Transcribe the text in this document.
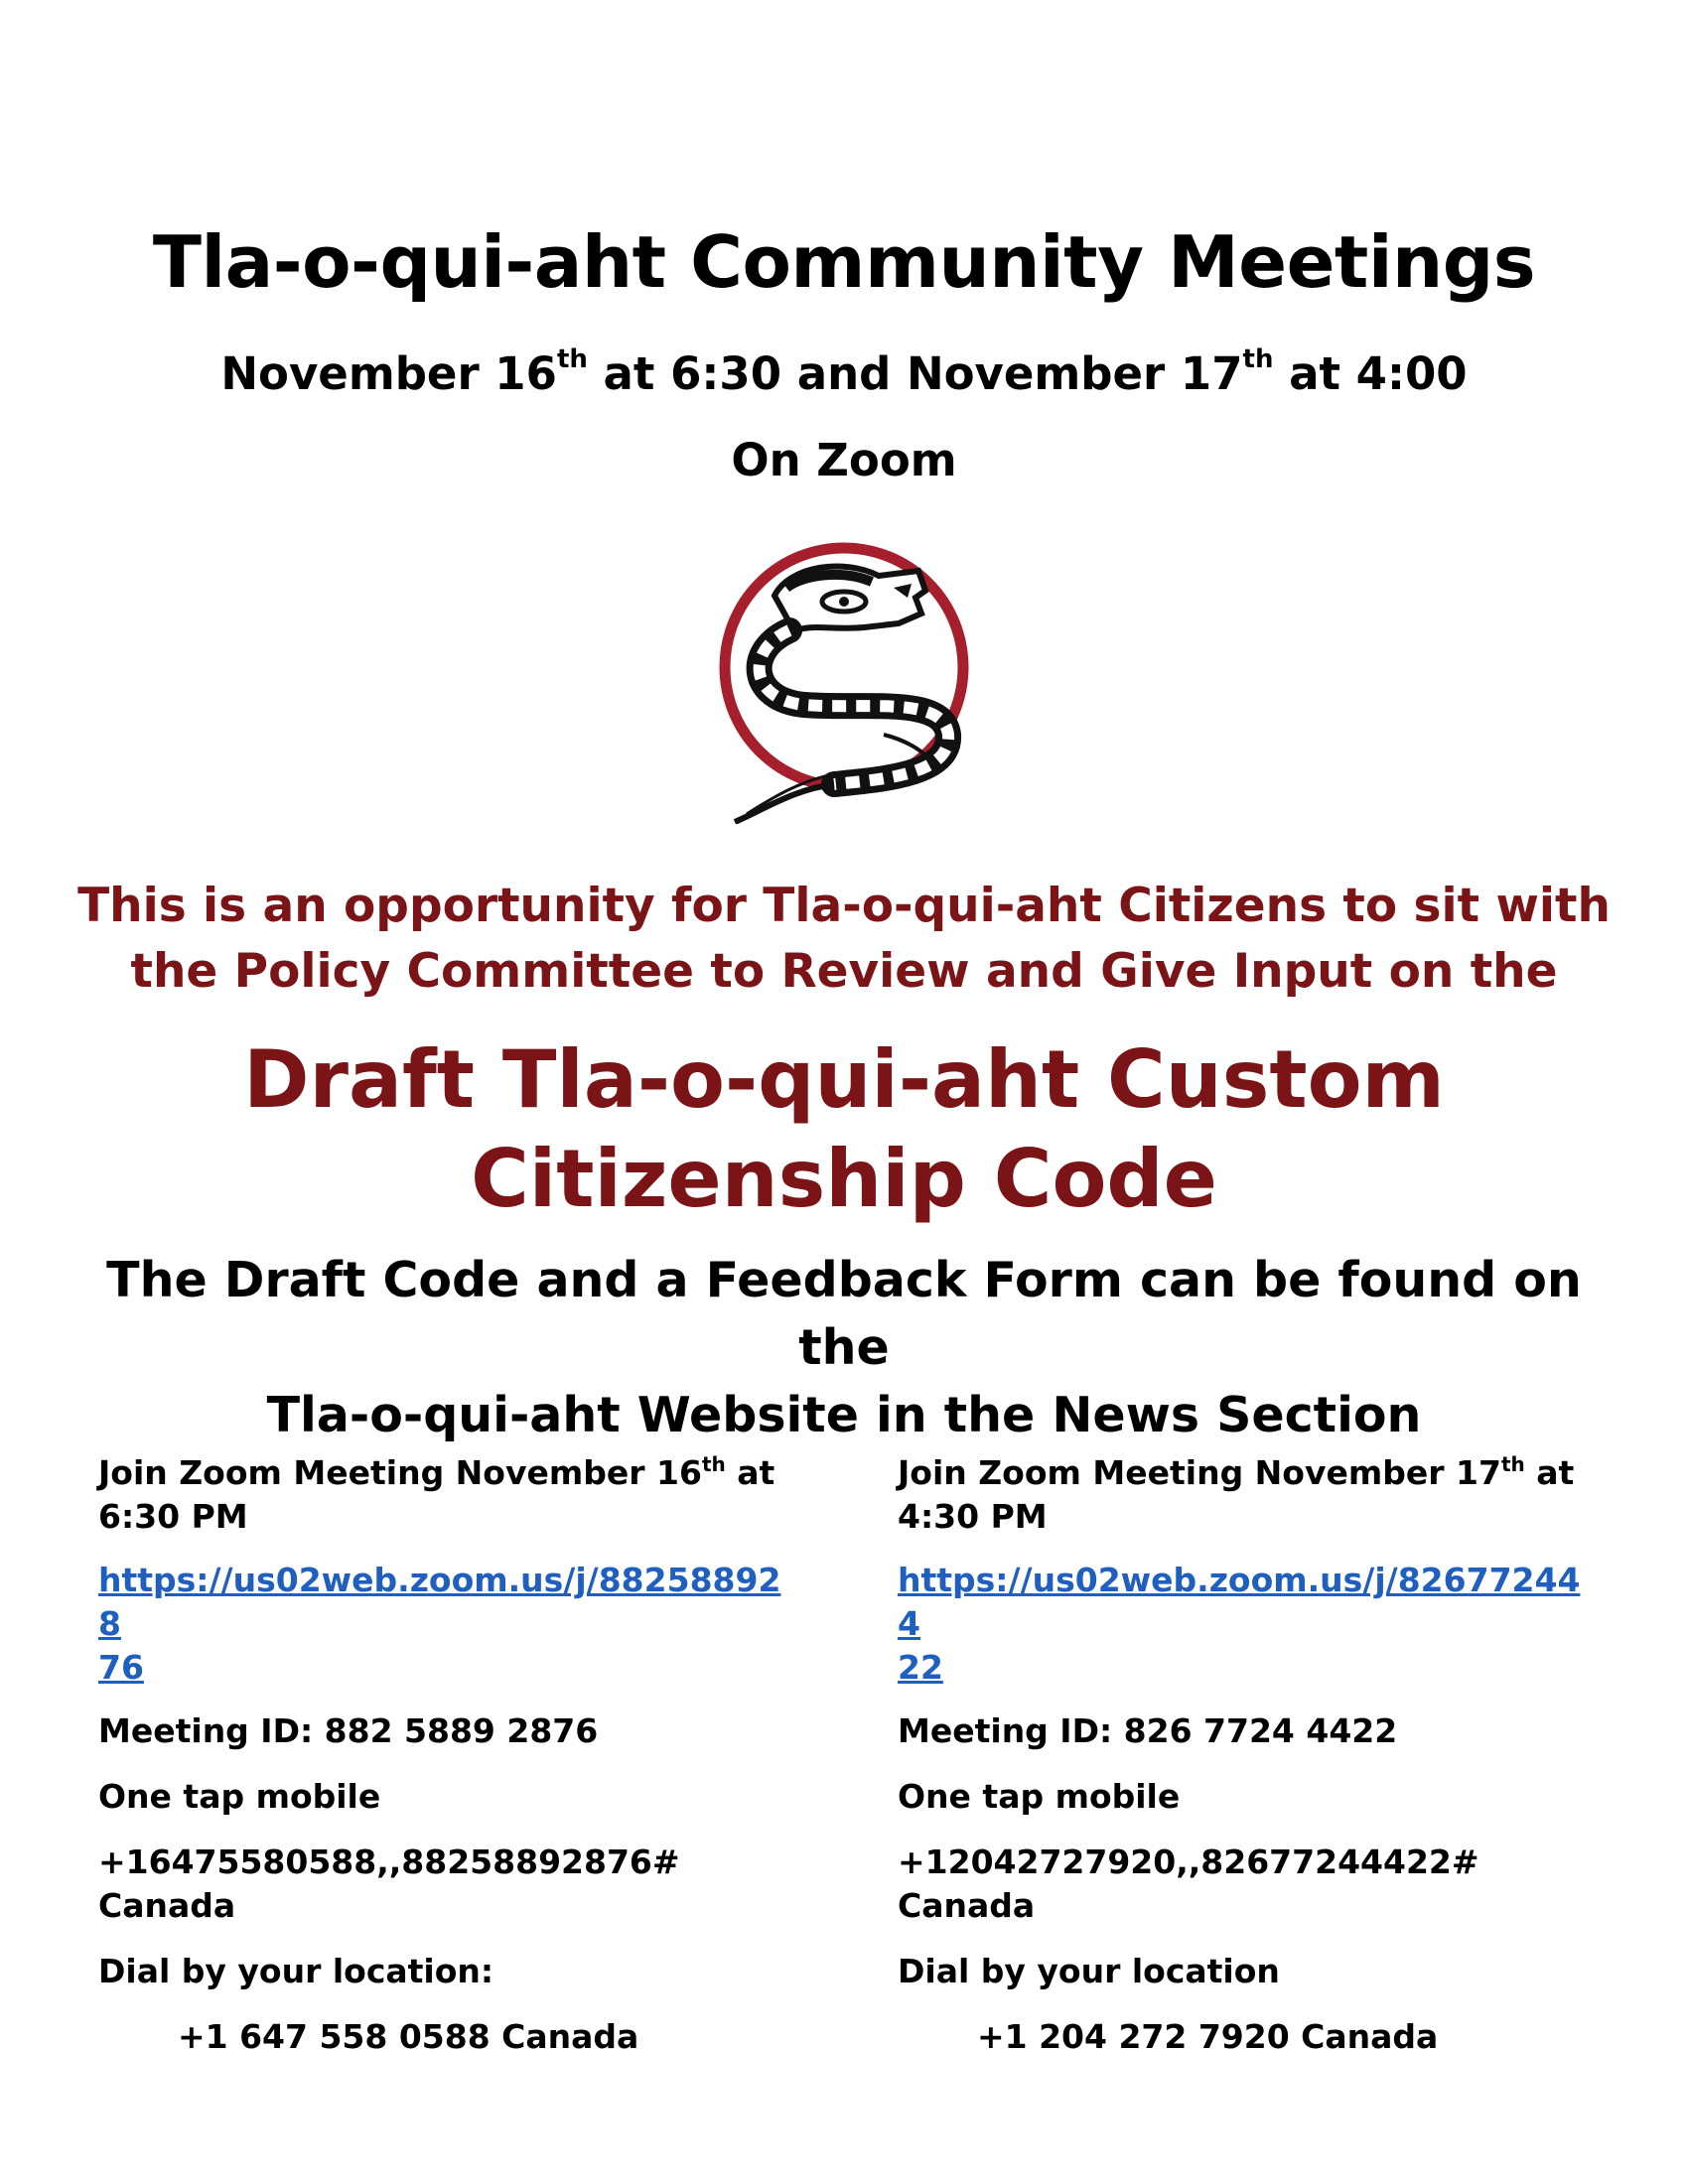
Tla-o-qui-aht Community Meetings
November 16th at 6:30 and November 17th at 4:00
On Zoom
This is an opportunity for Tla-o-qui-aht Citizens to sit with
the Policy Committee to Review and Give Input on the
Draft Tla-o-qui-aht Custom
Citizenship Code
The Draft Code and a Feedback Form can be found on the
Tla-o-qui-aht Website in the News Section
Join Zoom Meeting November 16th at
6:30 PM
https://us02web.zoom.us/j/882588928
76
Meeting ID: 882 5889 2876
One tap mobile
+16475580588,,88258892876# Canada
Dial by your location:
+1 647 558 0588 Canada
Join Zoom Meeting November 17th at
4:30 PM
https://us02web.zoom.us/j/826772444
22
Meeting ID: 826 7724 4422
One tap mobile
+12042727920,,82677244422# Canada
Dial by your location
+1 204 272 7920 Canada
